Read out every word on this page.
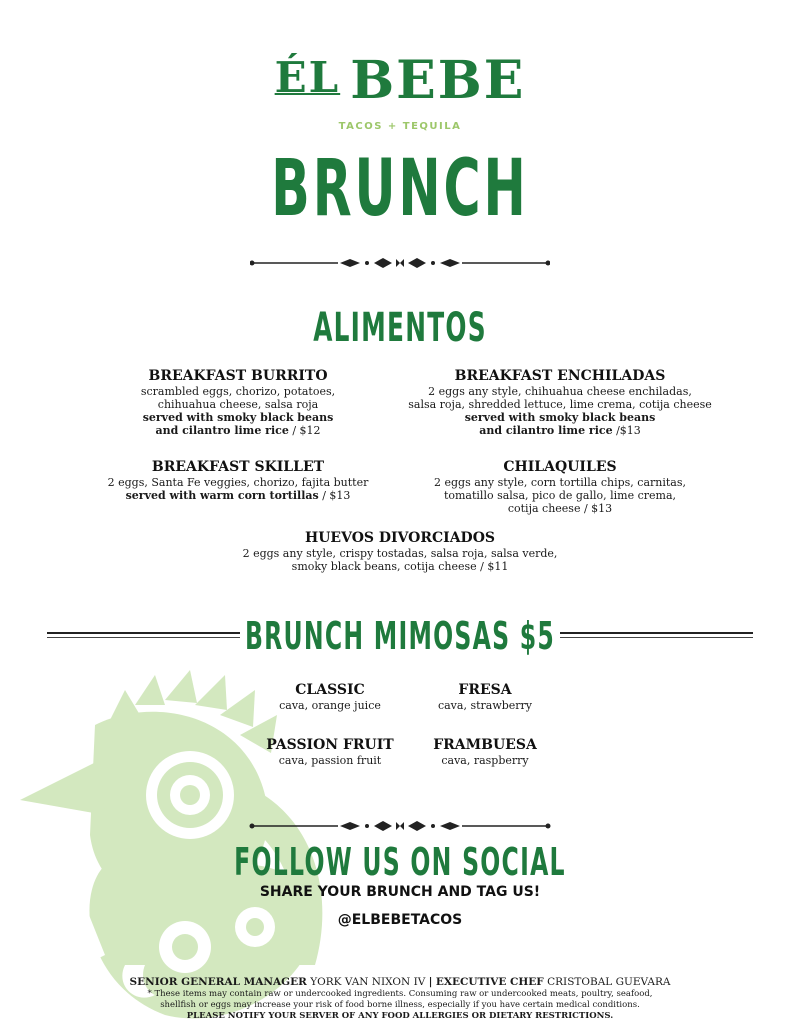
ÉL BEBE
TACOS + TEQUILA
BRUNCH
ALIMENTOS
BREAKFAST BURRITO
scrambled eggs, chorizo, potatoes,
chihuahua cheese, salsa roja
served with smoky black beans
and cilantro lime rice / $12
BREAKFAST ENCHILADAS
2 eggs any style, chihuahua cheese enchiladas,
salsa roja, shredded lettuce, lime crema, cotija cheese
served with smoky black beans
and cilantro lime rice /$13
BREAKFAST SKILLET
2 eggs, Santa Fe veggies, chorizo, fajita butter
served with warm corn tortillas / $13
CHILAQUILES
2 eggs any style, corn tortilla chips, carnitas,
tomatillo salsa, pico de gallo, lime crema,
cotija cheese / $13
HUEVOS DIVORCIADOS
2 eggs any style, crispy tostadas, salsa roja, salsa verde,
smoky black beans, cotija cheese / $11
BRUNCH MIMOSAS $5
CLASSIC
cava, orange juice
FRESA
cava, strawberry
PASSION FRUIT
cava, passion fruit
FRAMBUESA
cava, raspberry
FOLLOW US ON SOCIAL
SHARE YOUR BRUNCH AND TAG US!
@ELBEBETACOS
SENIOR GENERAL MANAGER YORK VAN NIXON IV | EXECUTIVE CHEF CRISTOBAL GUEVARA
* These items may contain raw or undercooked ingredients. Consuming raw or undercooked meats, poultry, seafood,
shellfish or eggs may increase your risk of food borne illness, especially if you have certain medical conditions.
PLEASE NOTIFY YOUR SERVER OF ANY FOOD ALLERGIES OR DIETARY RESTRICTIONS.
